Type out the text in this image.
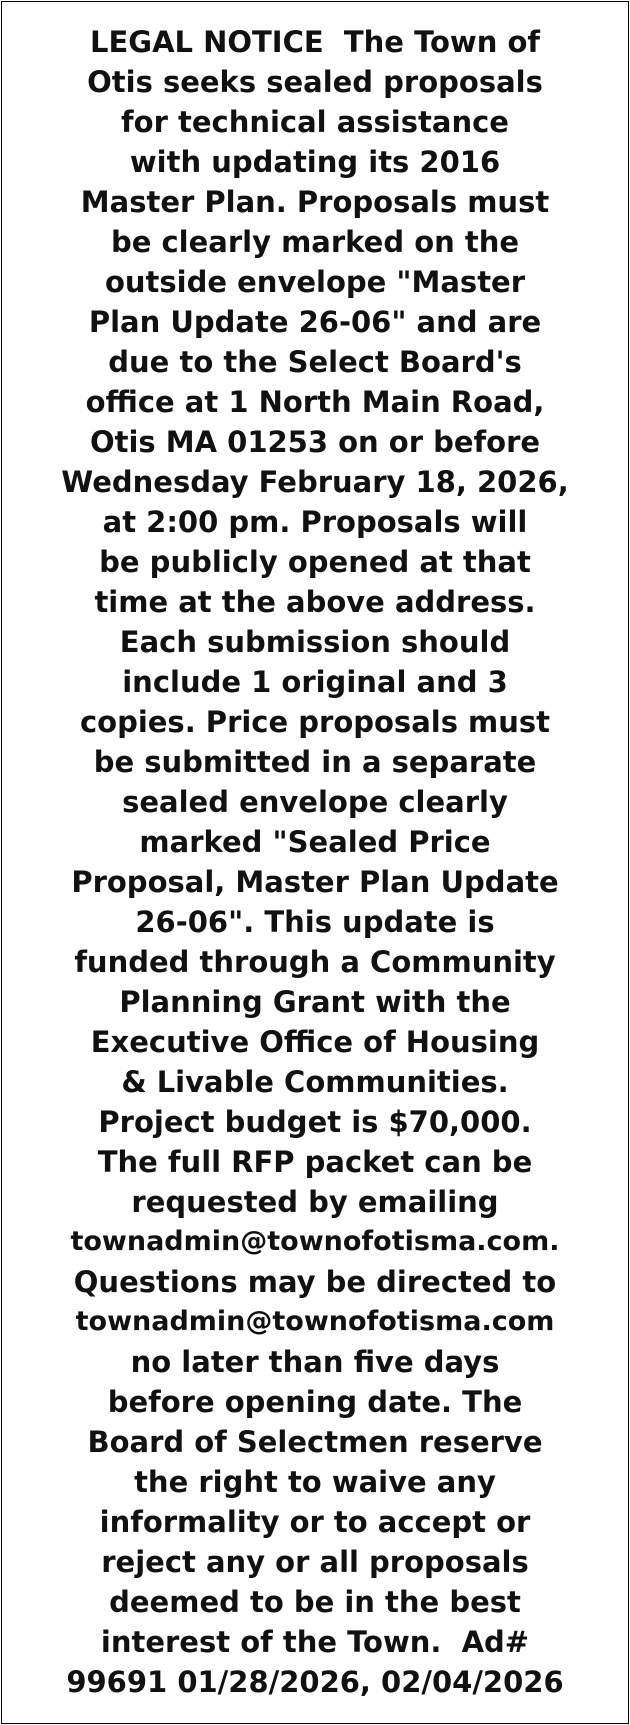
LEGAL NOTICE  The Town of
Otis seeks sealed proposals
for technical assistance
with updating its 2016
Master Plan. Proposals must
be clearly marked on the
outside envelope "Master
Plan Update 26-06" and are
due to the Select Board's
office at 1 North Main Road,
Otis MA 01253 on or before
Wednesday February 18, 2026,
at 2:00 pm. Proposals will
be publicly opened at that
time at the above address.
Each submission should
include 1 original and 3
copies. Price proposals must
be submitted in a separate
sealed envelope clearly
marked "Sealed Price
Proposal, Master Plan Update
26-06". This update is
funded through a Community
Planning Grant with the
Executive Office of Housing
& Livable Communities.
Project budget is $70,000.
The full RFP packet can be
requested by emailing
townadmin@townofotisma.com.
Questions may be directed to
townadmin@townofotisma.com
no later than five days
before opening date. The
Board of Selectmen reserve
the right to waive any
informality or to accept or
reject any or all proposals
deemed to be in the best
interest of the Town.  Ad#
99691 01/28/2026, 02/04/2026
